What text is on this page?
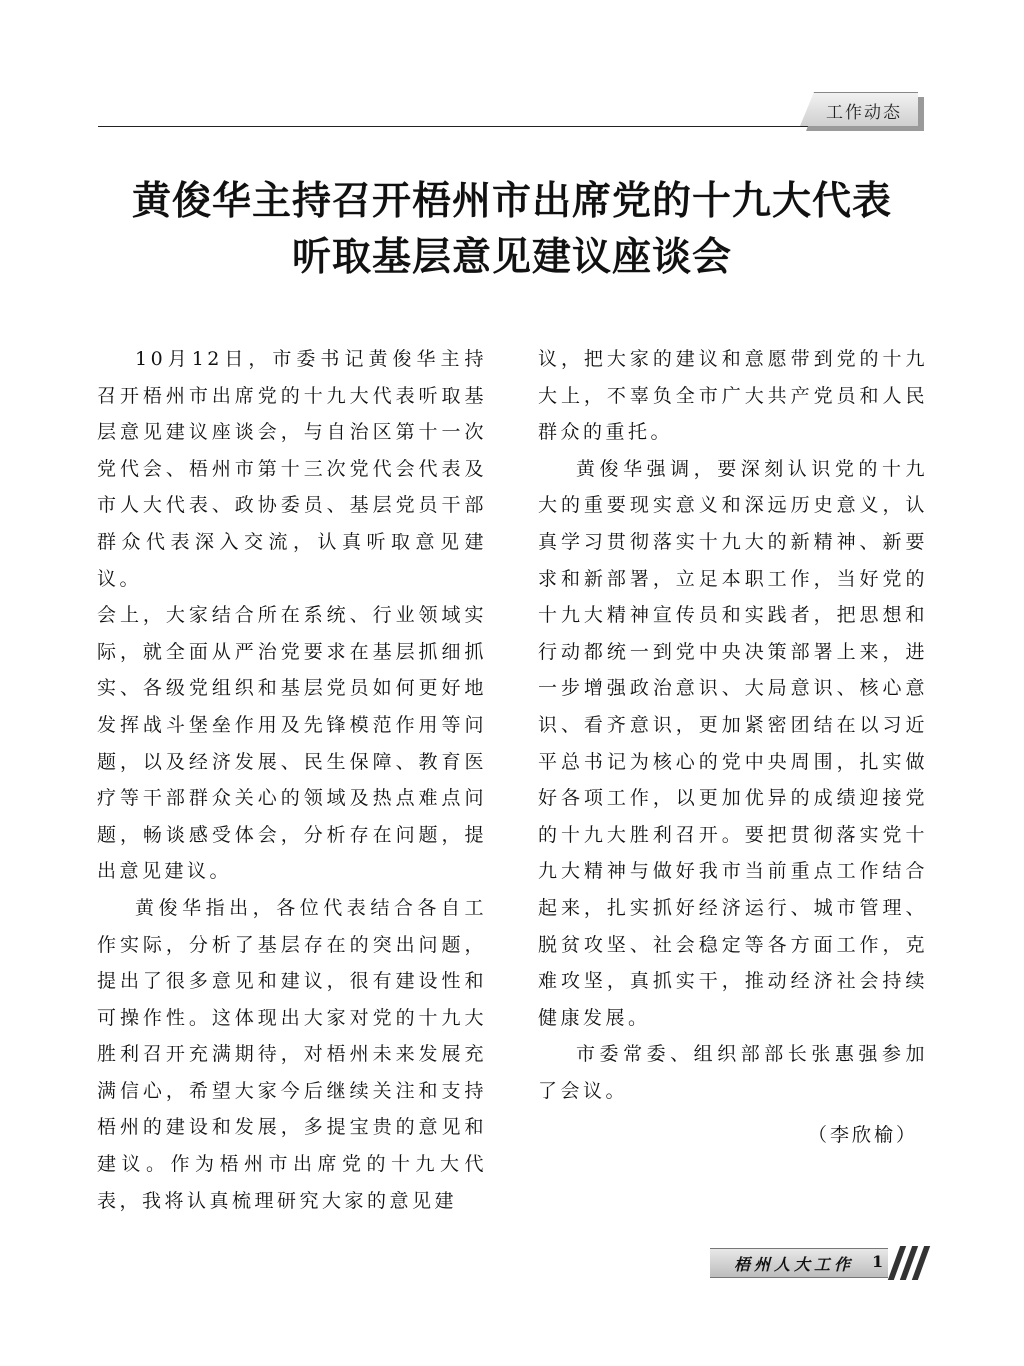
工作动态
黄俊华主持召开梧州市出席党的十九大代表
听取基层意见建议座谈会

10月12日，市委书记黄俊华主持召开梧州市出席党的十九大代表听取基层意见建议座谈会，与自治区第十一次党代会、梧州市第十三次党代会代表及市人大代表、政协委员、基层党员干部群众代表深入交流，认真听取意见建议。

会上，大家结合所在系统、行业领域实际，就全面从严治党要求在基层抓细抓实、各级党组织和基层党员如何更好地发挥战斗堡垒作用及先锋模范作用等问题，以及经济发展、民生保障、教育医疗等干部群众关心的领域及热点难点问题，畅谈感受体会，分析存在问题，提出意见建议。

黄俊华指出，各位代表结合各自工作实际，分析了基层存在的突出问题，提出了很多意见和建议，很有建设性和可操作性。这体现出大家对党的十九大胜利召开充满期待，对梧州未来发展充满信心，希望大家今后继续关注和支持梧州的建设和发展，多提宝贵的意见和建议。作为梧州市出席党的十九大代表，我将认真梳理研究大家的意见建

议，把大家的建议和意愿带到党的十九大上，不辜负全市广大共产党员和人民群众的重托。

黄俊华强调，要深刻认识党的十九大的重要现实意义和深远历史意义，认真学习贯彻落实十九大的新精神、新要求和新部署，立足本职工作，当好党的十九大精神宣传员和实践者，把思想和行动都统一到党中央决策部署上来，进一步增强政治意识、大局意识、核心意识、看齐意识，更加紧密团结在以习近平总书记为核心的党中央周围，扎实做好各项工作，以更加优异的成绩迎接党的十九大胜利召开。要把贯彻落实党十九大精神与做好我市当前重点工作结合起来，扎实抓好经济运行、城市管理、脱贫攻坚、社会稳定等各方面工作，克难攻坚，真抓实干，推动经济社会持续健康发展。

市委常委、组织部部长张惠强参加了会议。

（李欣榆）

梧州人大工作 1
